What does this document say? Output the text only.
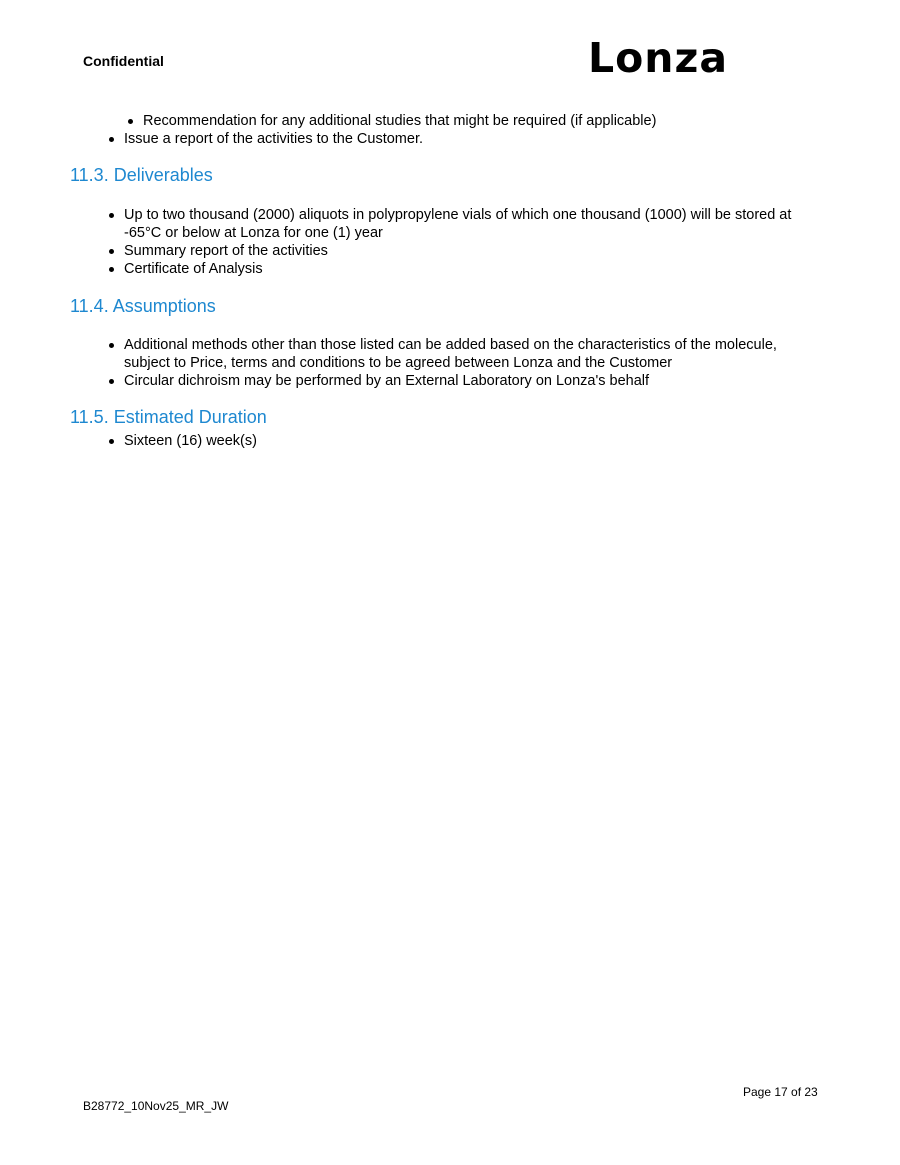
Confidential	Lonza
Recommendation for any additional studies that might be required (if applicable)
Issue a report of the activities to the Customer.
11.3. Deliverables
Up to two thousand (2000) aliquots in polypropylene vials of which one thousand (1000) will be stored at -65°C or below at Lonza for one (1) year
Summary report of the activities
Certificate of Analysis
11.4. Assumptions
Additional methods other than those listed can be added based on the characteristics of the molecule, subject to Price, terms and conditions to be agreed between Lonza and the Customer
Circular dichroism may be performed by an External Laboratory on Lonza's behalf
11.5. Estimated Duration
Sixteen (16) week(s)
Page 17 of 23
B28772_10Nov25_MR_JW
